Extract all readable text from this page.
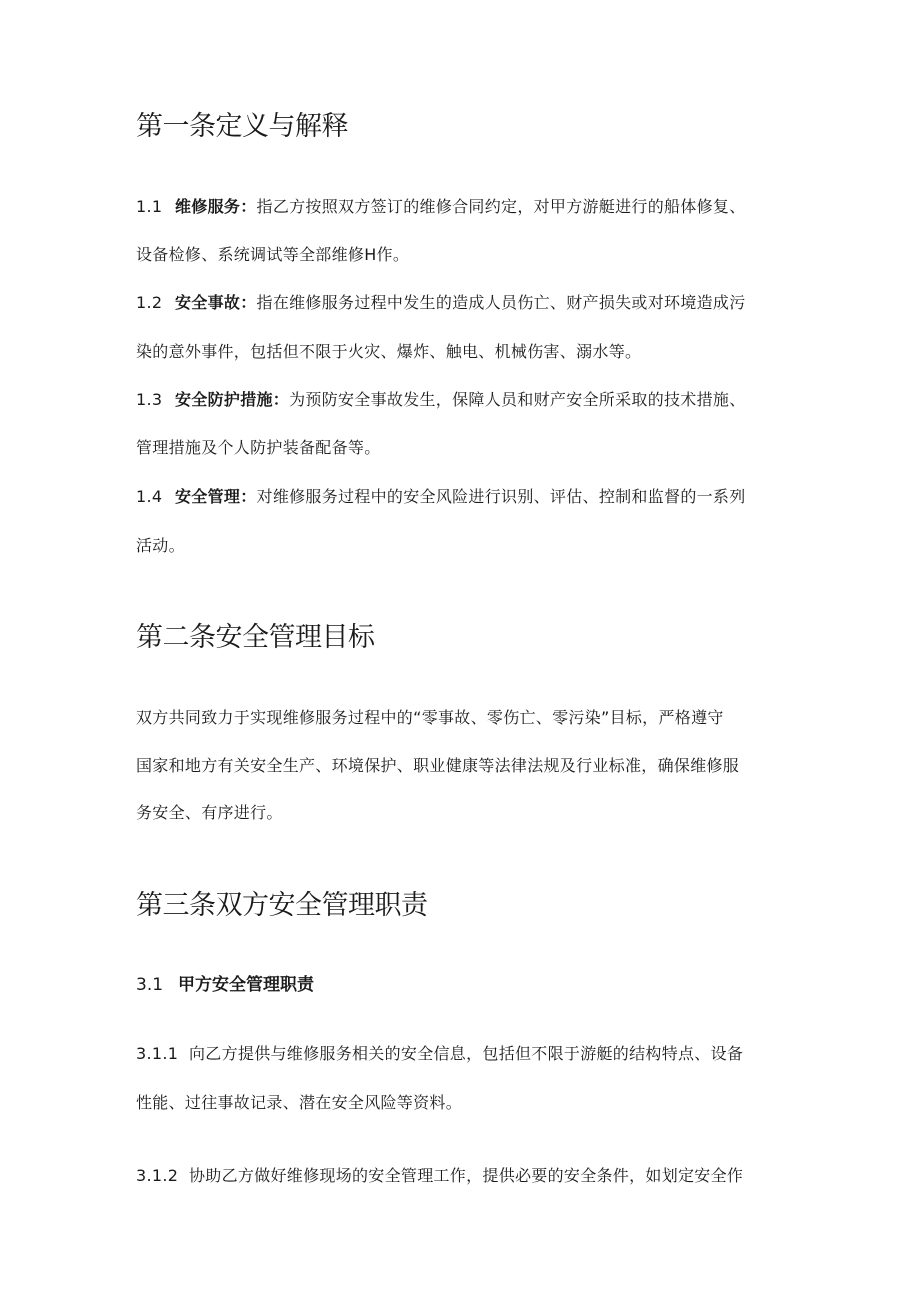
第一条定义与解释
1.1 维修服务：指乙方按照双方签订的维修合同约定，对甲方游艇进行的船体修复、
设备检修、系统调试等全部维修H作。
1.2 安全事故：指在维修服务过程中发生的造成人员伤亡、财产损失或对环境造成污
染的意外事件，包括但不限于火灾、爆炸、触电、机械伤害、溺水等。
1.3 安全防护措施：为预防安全事故发生，保障人员和财产安全所采取的技术措施、
管理措施及个人防护装备配备等。
1.4 安全管理：对维修服务过程中的安全风险进行识别、评估、控制和监督的一系列
活动。
第二条安全管理目标
双方共同致力于实现维修服务过程中的“零事故、零伤亡、零污染”目标，严格遵守
国家和地方有关安全生产、环境保护、职业健康等法律法规及行业标准，确保维修服
务安全、有序进行。
第三条双方安全管理职责
3.1 甲方安全管理职责
3.1.1 向乙方提供与维修服务相关的安全信息，包括但不限于游艇的结构特点、设备
性能、过往事故记录、潜在安全风险等资料。
3.1.2 协助乙方做好维修现场的安全管理工作，提供必要的安全条件，如划定安全作
